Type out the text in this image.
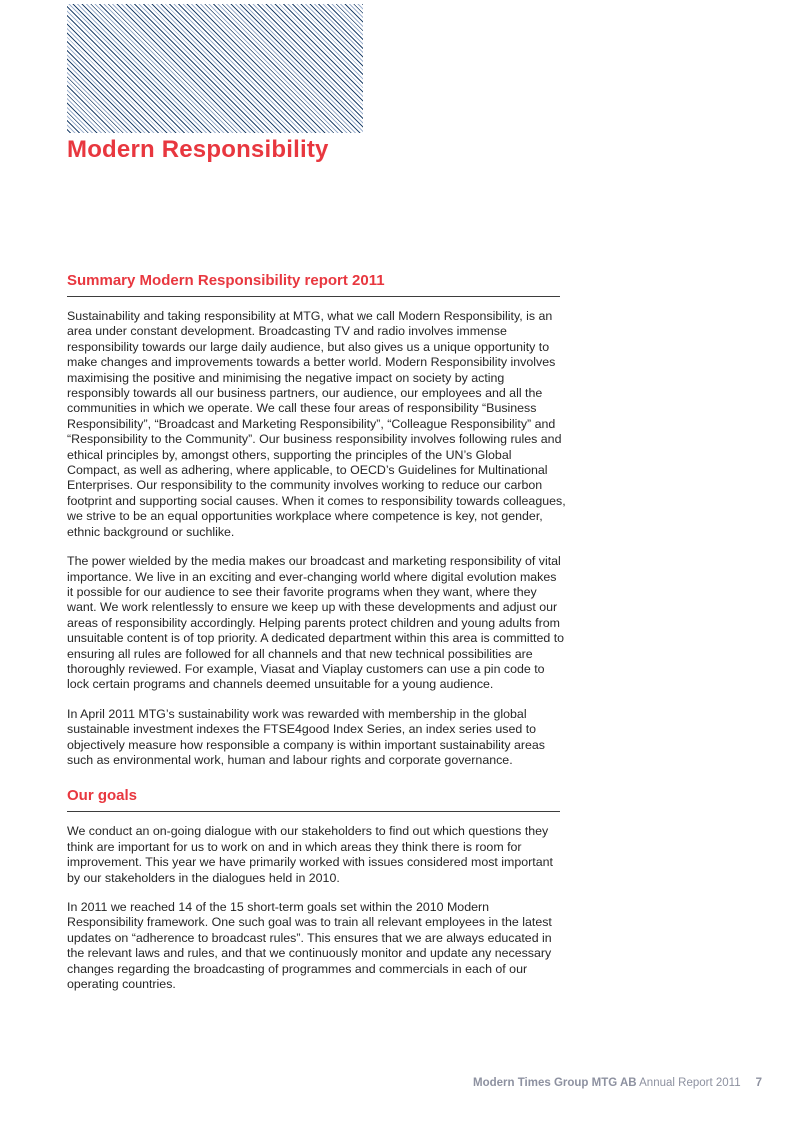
Modern Responsibility
Summary Modern Responsibility report 2011

Sustainability and taking responsibility at MTG, what we call Modern Responsibility, is an area under constant development. Broadcasting TV and radio involves immense responsibility towards our large daily audience, but also gives us a unique opportunity to make changes and improvements towards a better world. Modern Responsibility involves maximising the positive and minimising the negative impact on society by acting responsibly towards all our business partners, our audience, our employees and all the communities in which we operate. We call these four areas of responsibility “Business Responsibility”, “Broadcast and Marketing Responsibility”, “Colleague Responsibility” and “Responsibility to the Community”. Our business responsibility involves following rules and ethical principles by, amongst others, supporting the principles of the UN’s Global Compact, as well as adhering, where applicable, to OECD’s Guidelines for Multinational Enterprises. Our responsibility to the community involves working to reduce our carbon footprint and supporting social causes. When it comes to responsibility towards colleagues, we strive to be an equal opportunities workplace where competence is key, not gender, ethnic background or suchlike.

The power wielded by the media makes our broadcast and marketing responsibility of vital importance. We live in an exciting and ever-changing world where digital evolution makes it possible for our audience to see their favorite programs when they want, where they want. We work relentlessly to ensure we keep up with these developments and adjust our areas of responsibility accordingly. Helping parents protect children and young adults from unsuitable content is of top priority. A dedicated department within this area is committed to ensuring all rules are followed for all channels and that new technical possibilities are thoroughly reviewed. For example, Viasat and Viaplay customers can use a pin code to lock certain programs and channels deemed unsuitable for a young audience.

In April 2011 MTG’s sustainability work was rewarded with membership in the global sustainable investment indexes the FTSE4good Index Series, an index series used to objectively measure how responsible a company is within important sustainability areas such as environmental work, human and labour rights and corporate governance.

Our goals

We conduct an on-going dialogue with our stakeholders to find out which questions they think are important for us to work on and in which areas they think there is room for improvement. This year we have primarily worked with issues considered most important by our stakeholders in the dialogues held in 2010.

In 2011 we reached 14 of the 15 short-term goals set within the 2010 Modern Responsibility framework. One such goal was to train all relevant employees in the latest updates on “adherence to broadcast rules”. This ensures that we are always educated in the relevant laws and rules, and that we continuously monitor and update any necessary changes regarding the broadcasting of programmes and commercials in each of our operating countries.

Modern Times Group MTG AB Annual Report 2011 7
